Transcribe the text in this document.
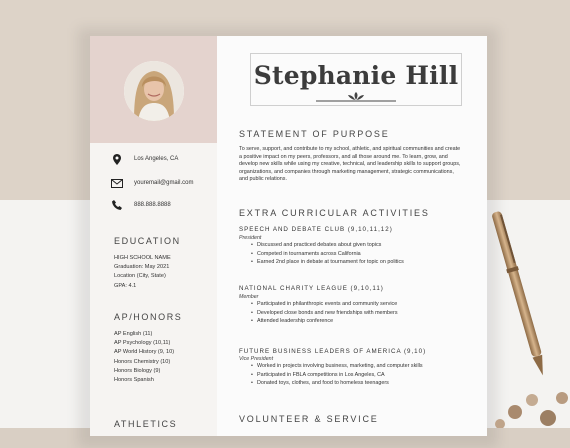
Los Angeles, CA
youremail@gmail.com
888.888.8888
EDUCATION
HIGH SCHOOL NAME
Graduation: May 2021
Location (City, State)
GPA: 4.1
AP/HONORS
AP English (11)
AP Psychology (10,11)
AP World History (9, 10)
Honors Chemistry (10)
Honors Biology (9)
Honors Spanish
ATHLETICS
Stephanie Hill
STATEMENT OF PURPOSE
To serve, support, and contribute to my school, athletic, and spiritual communities and create a positive impact on my peers, professors, and all those around me. To learn, grow, and develop new skills while using my creative, technical, and leadership skills to support groups, organizations, and companies through marketing management, strategic communications, and public relations.
EXTRA CURRICULAR ACTIVITIES
SPEECH AND DEBATE CLUB (9,10,11,12)
President
• Discussed and practiced debates about given topics
• Competed in tournaments across California
• Earned 2nd place in debate at tournament for topic on politics
NATIONAL CHARITY LEAGUE (9,10,11)
Member
• Participated in philanthropic events and community service
• Developed close bonds and new friendships with members
• Attended leadership conference
FUTURE BUSINESS LEADERS OF AMERICA (9,10)
Vice President
• Worked in projects involving business, marketing, and computer skills
• Participated in FBLA competitions in Los Angeles, CA
• Donated toys, clothes, and food to homeless teenagers
VOLUNTEER & SERVICE
